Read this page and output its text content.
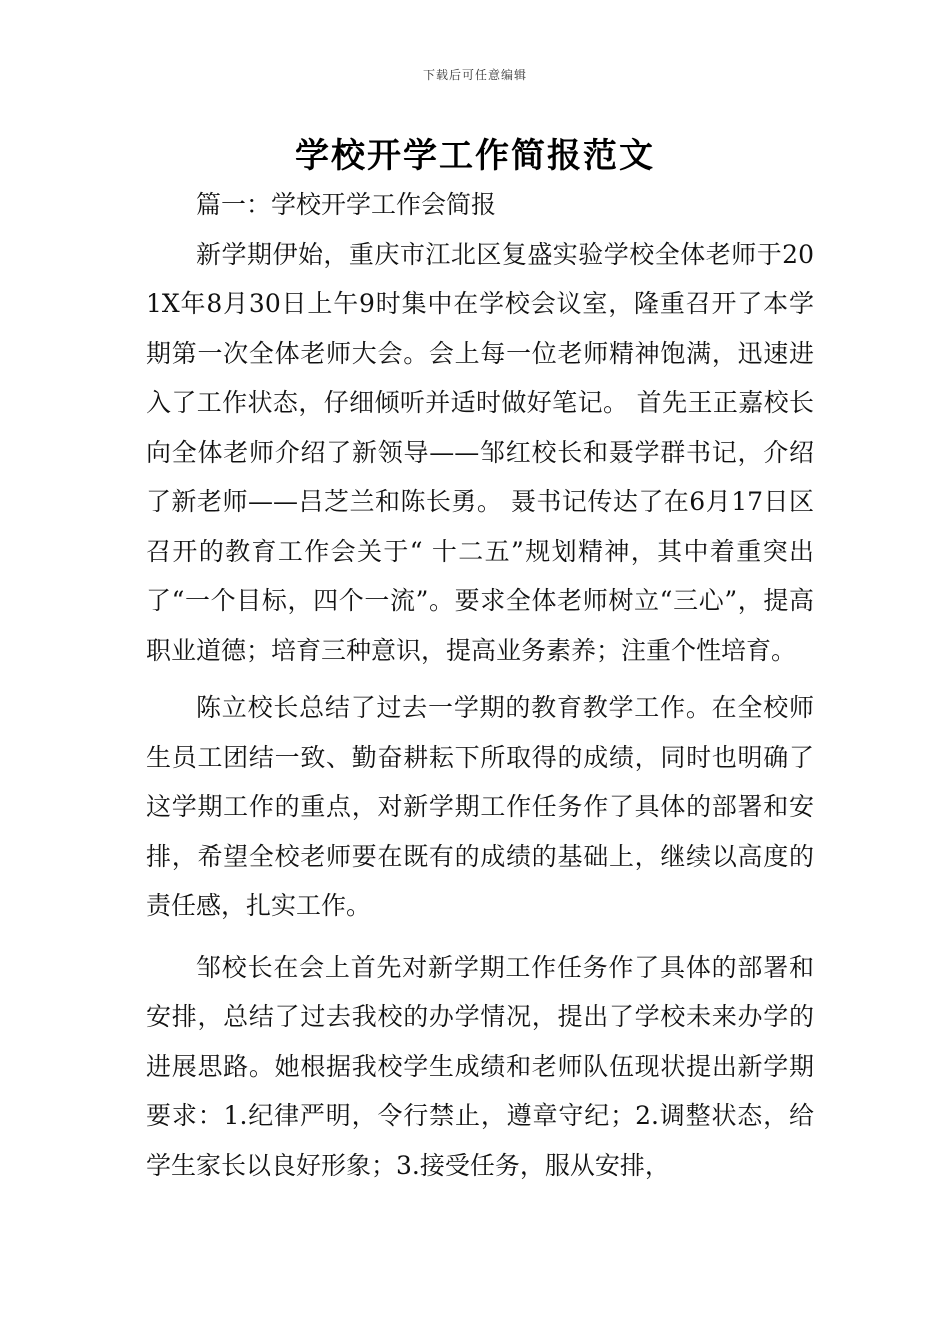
下载后可任意编辑
学校开学工作简报范文

篇一：学校开学工作会简报

新学期伊始，重庆市江北区复盛实验学校全体老师于201X年8月30日上午9时集中在学校会议室，隆重召开了本学期第一次全体老师大会。会上每一位老师精神饱满，迅速进入了工作状态，仔细倾听并适时做好笔记。 首先王正嘉校长向全体老师介绍了新领导——邹红校长和聂学群书记，介绍了新老师——吕芝兰和陈长勇。 聂书记传达了在6月17日区召开的教育工作会关于“ 十二五”规划精神，其中着重突出了“一个目标，四个一流”。要求全体老师树立“三心”，提高职业道德；培育三种意识，提高业务素养；注重个性培育。

陈立校长总结了过去一学期的教育教学工作。在全校师生员工团结一致、勤奋耕耘下所取得的成绩，同时也明确了这学期工作的重点，对新学期工作任务作了具体的部署和安排，希望全校老师要在既有的成绩的基础上，继续以高度的责任感，扎实工作。

邹校长在会上首先对新学期工作任务作了具体的部署和安排，总结了过去我校的办学情况，提出了学校未来办学的进展思路。她根据我校学生成绩和老师队伍现状提出新学期要求：1.纪律严明，令行禁止，遵章守纪；2.调整状态，给学生家长以良好形象；3.接受任务，服从安排，
